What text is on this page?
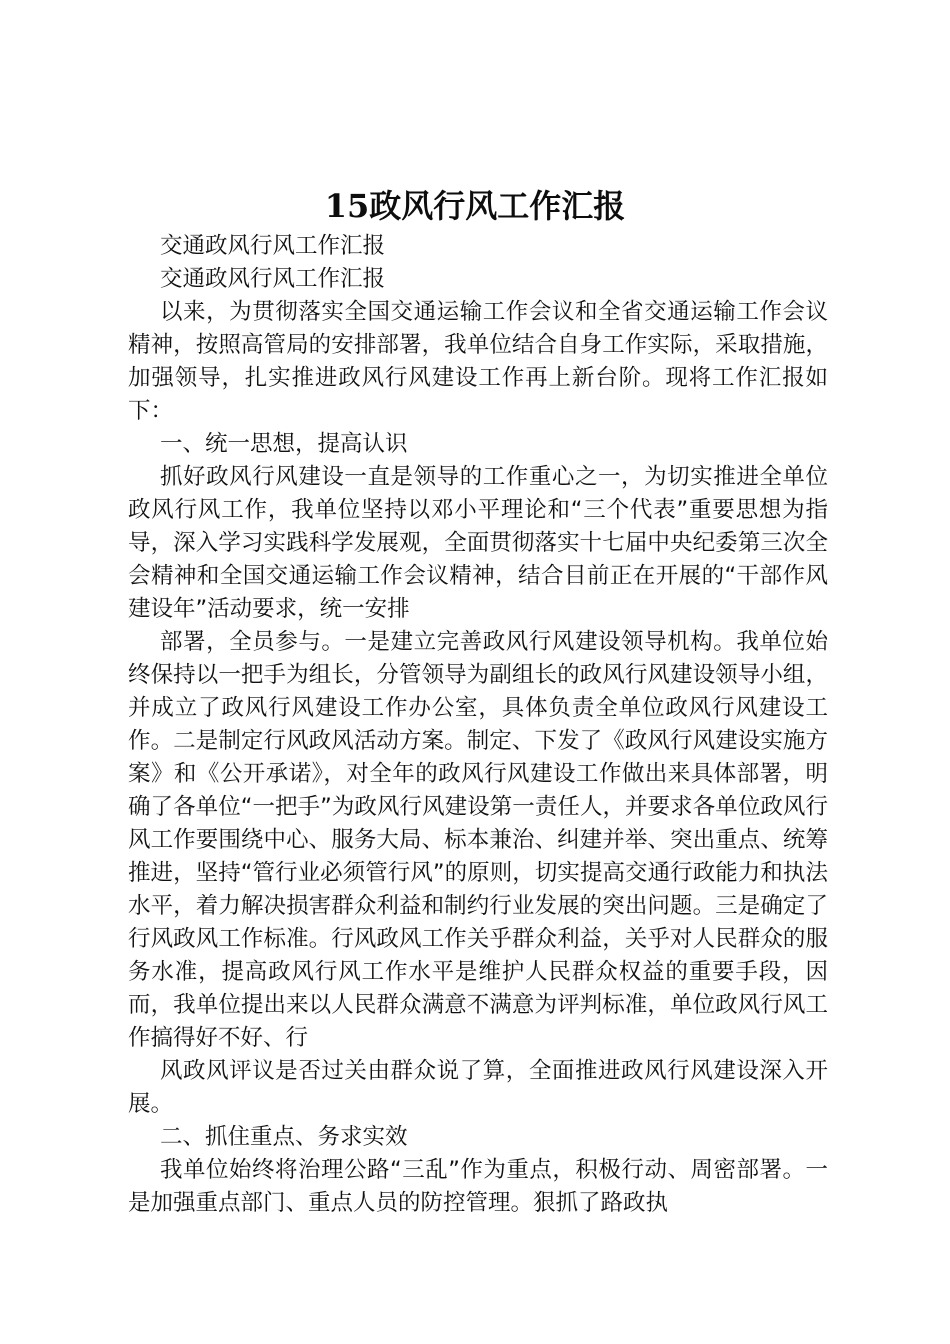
15政风行风工作汇报

交通政风行风工作汇报

交通政风行风工作汇报

以来，为贯彻落实全国交通运输工作会议和全省交通运输工作会议精神，按照高管局的安排部署，我单位结合自身工作实际，采取措施，加强领导，扎实推进政风行风建设工作再上新台阶。现将工作汇报如下：

一、统一思想，提高认识

抓好政风行风建设一直是领导的工作重心之一，为切实推进全单位政风行风工作，我单位坚持以邓小平理论和“三个代表”重要思想为指导，深入学习实践科学发展观，全面贯彻落实十七届中央纪委第三次全会精神和全国交通运输工作会议精神，结合目前正在开展的“干部作风建设年”活动要求，统一安排

部署，全员参与。一是建立完善政风行风建设领导机构。我单位始终保持以一把手为组长，分管领导为副组长的政风行风建设领导小组，并成立了政风行风建设工作办公室，具体负责全单位政风行风建设工作。二是制定行风政风活动方案。制定、下发了《政风行风建设实施方案》和《公开承诺》，对全年的政风行风建设工作做出来具体部署，明确了各单位“一把手”为政风行风建设第一责任人，并要求各单位政风行风工作要围绕中心、服务大局、标本兼治、纠建并举、突出重点、统筹推进，坚持“管行业必须管行风”的原则，切实提高交通行政能力和执法水平，着力解决损害群众利益和制约行业发展的突出问题。三是确定了行风政风工作标准。行风政风工作关乎群众利益，关乎对人民群众的服务水准，提高政风行风工作水平是维护人民群众权益的重要手段，因而，我单位提出来以人民群众满意不满意为评判标准，单位政风行风工作搞得好不好、行

风政风评议是否过关由群众说了算，全面推进政风行风建设深入开展。

二、抓住重点、务求实效

我单位始终将治理公路“三乱”作为重点，积极行动、周密部署。一是加强重点部门、重点人员的防控管理。狠抓了路政执
